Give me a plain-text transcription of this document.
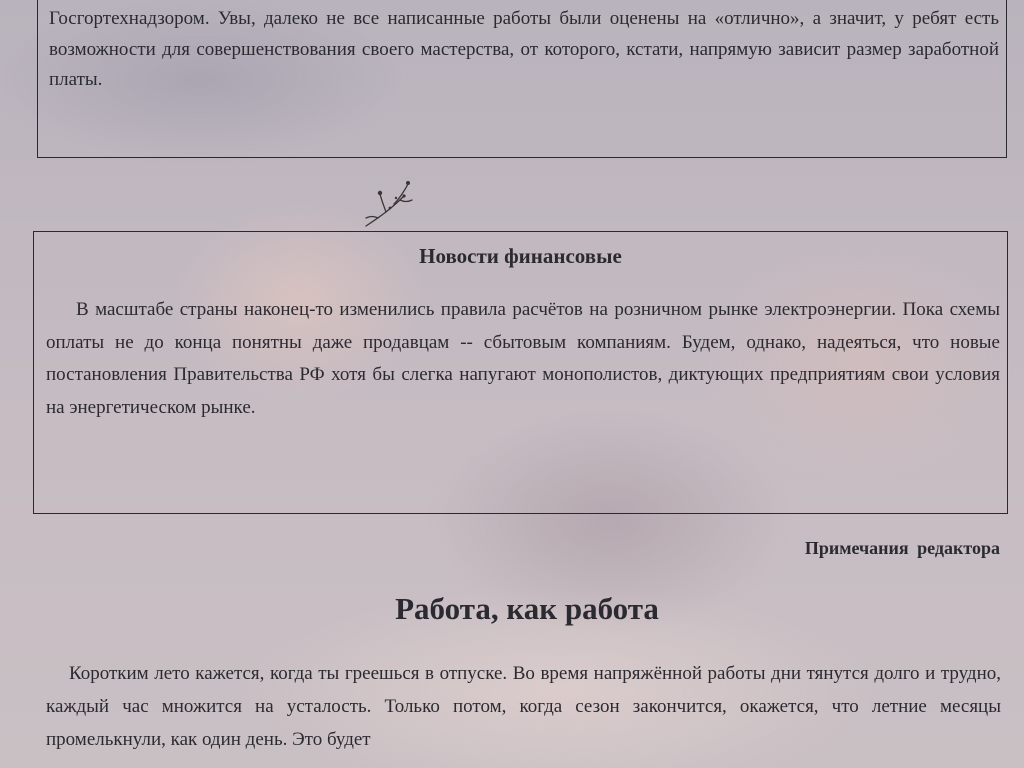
Госгортехнадзором. Увы, далеко не все написанные работы были оценены на «отлично», а значит, у ребят есть возможности для совершенствования своего мастерства, от которого, кстати, напрямую зависит размер заработной платы.

Новости финансовые

В масштабе страны наконец-то изменились правила расчётов на розничном рынке электроэнергии. Пока схемы оплаты не до конца понятны даже продавцам -- сбытовым компаниям. Будем, однако, надеяться, что новые постановления Правительства РФ хотя бы слегка напугают монополистов, диктующих предприятиям свои условия на энергетическом рынке.

Примечания редактора

Работа, как работа

Коротким лето кажется, когда ты греешься в отпуске. Во время напряжённой работы дни тянутся долго и трудно, каждый час множится на усталость. Только потом, когда сезон закончится, окажется, что летние месяцы промелькнули, как один день. Это будет
